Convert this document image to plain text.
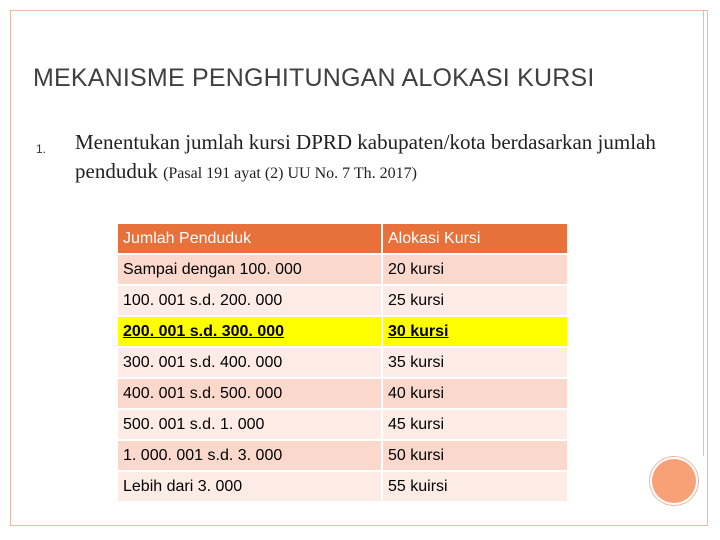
MEKANISME PENGHITUNGAN ALOKASI KURSI
1. Menentukan jumlah kursi DPRD kabupaten/kota berdasarkan jumlah penduduk (Pasal 191 ayat (2) UU No. 7 Th. 2017)
Jumlah Penduduk	Alokasi Kursi
Sampai dengan 100. 000	20 kursi
100. 001 s.d. 200. 000	25 kursi
200. 001 s.d. 300. 000	30 kursi
300. 001 s.d. 400. 000	35 kursi
400. 001 s.d. 500. 000	40 kursi
500. 001 s.d. 1. 000	45 kursi
1. 000. 001 s.d. 3. 000	50 kursi
Lebih dari 3. 000	55 kuirsi
